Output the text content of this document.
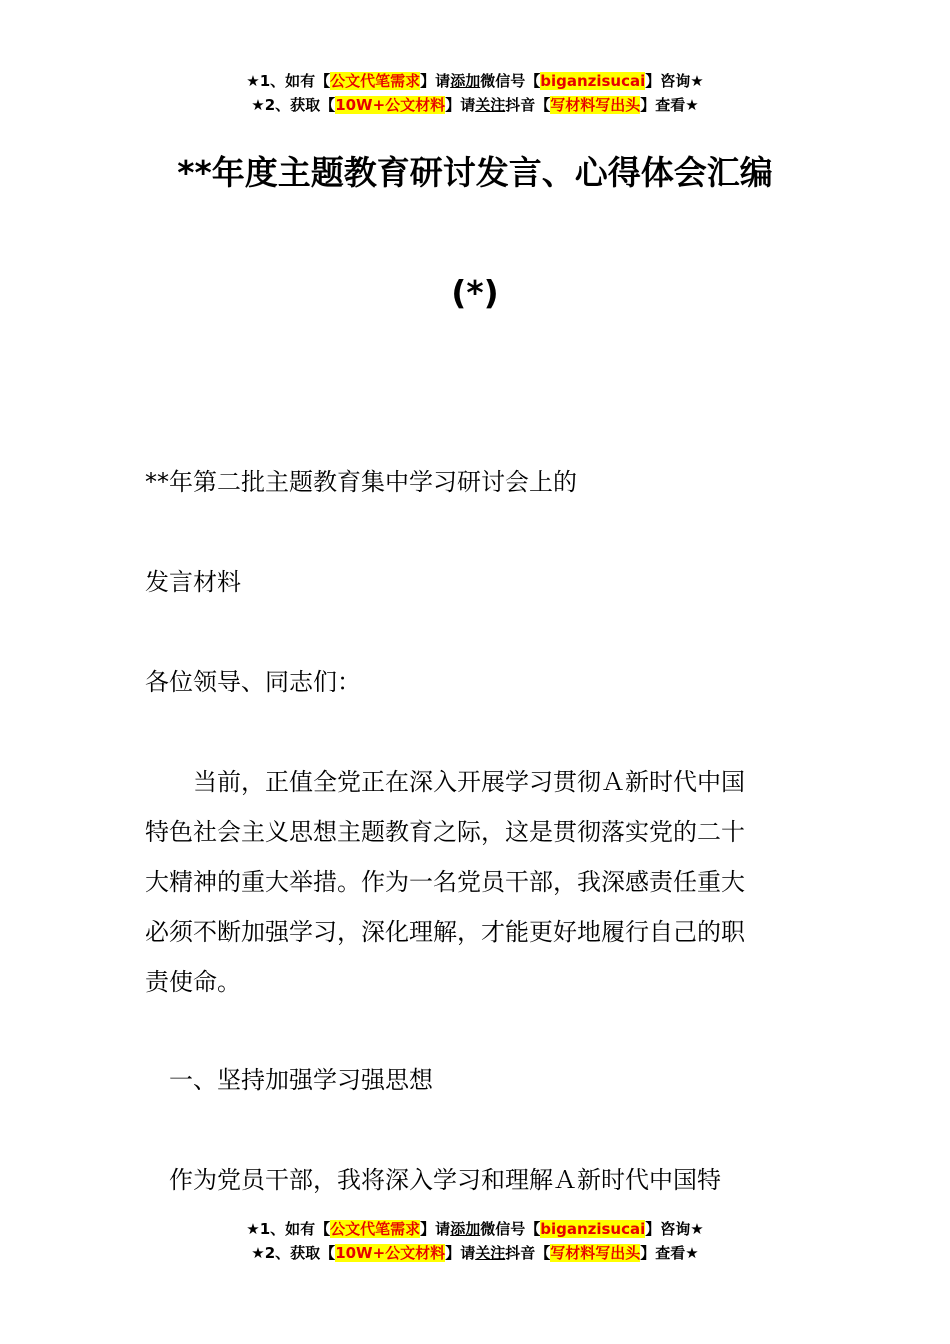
★1、如有【公文代笔需求】请添加微信号【biganzisucai】咨询★
★2、获取【10W+公文材料】请关注抖音【写材料写出头】查看★
**年度主题教育研讨发言、心得体会汇编
(*)
**年第二批主题教育集中学习研讨会上的
发言材料
各位领导、同志们：
　　当前，正值全党正在深入开展学习贯彻Ａ新时代中国
特色社会主义思想主题教育之际，这是贯彻落实党的二十
大精神的重大举措。作为一名党员干部，我深感责任重大
必须不断加强学习，深化理解，才能更好地履行自己的职
责使命。
　一、坚持加强学习强思想
　作为党员干部，我将深入学习和理解Ａ新时代中国特
★1、如有【公文代笔需求】请添加微信号【biganzisucai】咨询★
★2、获取【10W+公文材料】请关注抖音【写材料写出头】查看★
